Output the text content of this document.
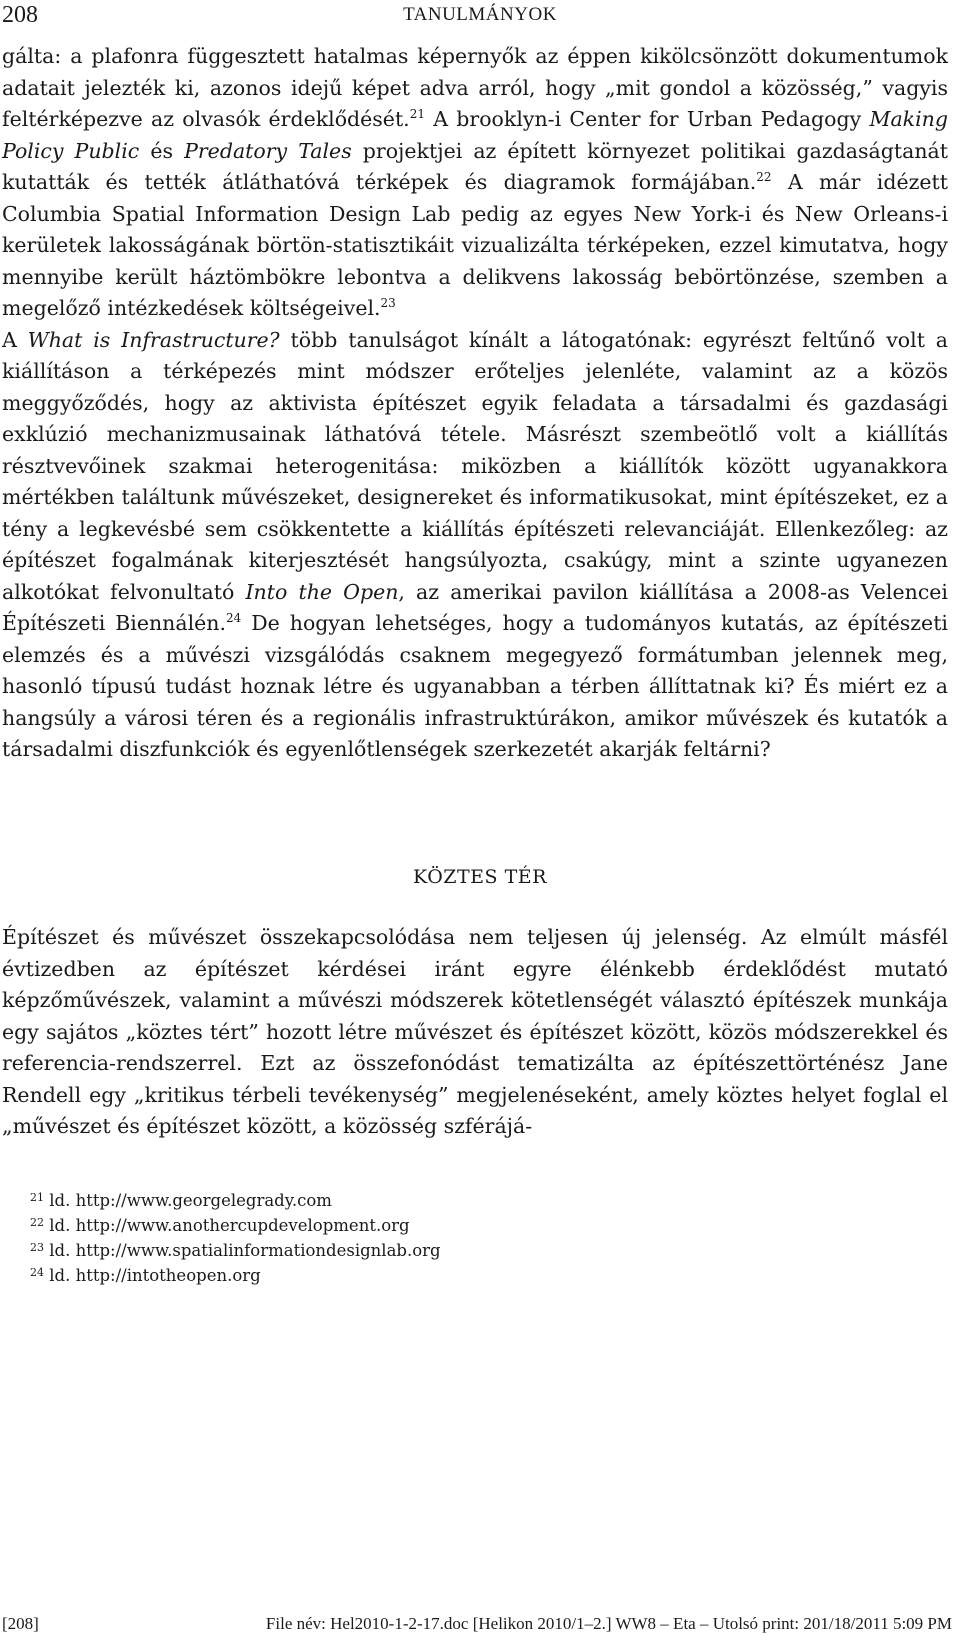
208	TANULMÁNYOK

gálta: a plafonra függesztett hatalmas képernyők az éppen kikölcsönzött dokumentumok adatait jelezték ki, azonos idejű képet adva arról, hogy „mit gondol a közösség,” vagyis feltérképezve az olvasók érdeklődését.$^{21}$ A brooklyn-i Center for Urban Pedagogy Making Policy Public és Predatory Tales projektjei az épített környezet politikai gazdaságtanát kutatták és tették átláthatóvá térképek és diagramok formájában.$^{22}$ A már idézett Columbia Spatial Information Design Lab pedig az egyes New York-i és New Orleans-i kerületek lakosságának börtön-statisztikáit vizualizálta térképeken, ezzel kimutatva, hogy mennyibe került háztömbökre lebontva a delikvens lakosság bebörtönzése, szemben a megelőző intézkedések költségeivel.$^{23}$

A What is Infrastructure? több tanulságot kínált a látogatónak: egyrészt feltűnő volt a kiállításon a térképezés mint módszer erőteljes jelenléte, valamint az a közös meggyőződés, hogy az aktivista építészet egyik feladata a társadalmi és gazdasági exklúzió mechanizmusainak láthatóvá tétele. Másrészt szembeötlő volt a kiállítás résztvevőinek szakmai heterogenitása: miközben a kiállítók között ugyanakkora mértékben találtunk művészeket, designereket és informatikusokat, mint építészeket, ez a tény a legkevésbé sem csökkentette a kiállítás építészeti relevanciáját. Ellenkezőleg: az építészet fogalmának kiterjesztését hangsúlyozta, csakúgy, mint a szinte ugyanezen alkotókat felvonultató Into the Open, az amerikai pavilon kiállítása a 2008-as Velencei Építészeti Biennálén.$^{24}$ De hogyan lehetséges, hogy a tudományos kutatás, az építészeti elemzés és a művészi vizsgálódás csaknem megegyező formátumban jelennek meg, hasonló típusú tudást hoznak létre és ugyanabban a térben állíttatnak ki? És miért ez a hangsúly a városi téren és a regionális infrastruktúrákon, amikor művészek és kutatók a társadalmi diszfunkciók és egyenlőtlenségek szerkezetét akarják feltárni?

KÖZTES TÉR

Építészet és művészet összekapcsolódása nem teljesen új jelenség. Az elmúlt másfél évtizedben az építészet kérdései iránt egyre élénkebb érdeklődést mutató képzőművészek, valamint a művészi módszerek kötetlenségét választó építészek munkája egy sajátos „köztes tért” hozott létre művészet és építészet között, közös módszerekkel és referencia-rendszerrel. Ezt az összefonódást tematizálta az építészettörténész Jane Rendell egy „kritikus térbeli tevékenység” megjelenéseként, amely köztes helyet foglal el „művészet és építészet között, a közösség szférájá-

$^{21}$ ld. http://www.georgelegrady.com
$^{22}$ ld. http://www.anothercupdevelopment.org
$^{23}$ ld. http://www.spatialinformationdesignlab.org
$^{24}$ ld. http://intotheopen.org
[208]	File név: Hel2010-1-2-17.doc [Helikon 2010/1–2.] WW8 – Eta – Utolsó print: 201/18/2011 5:09 PM
